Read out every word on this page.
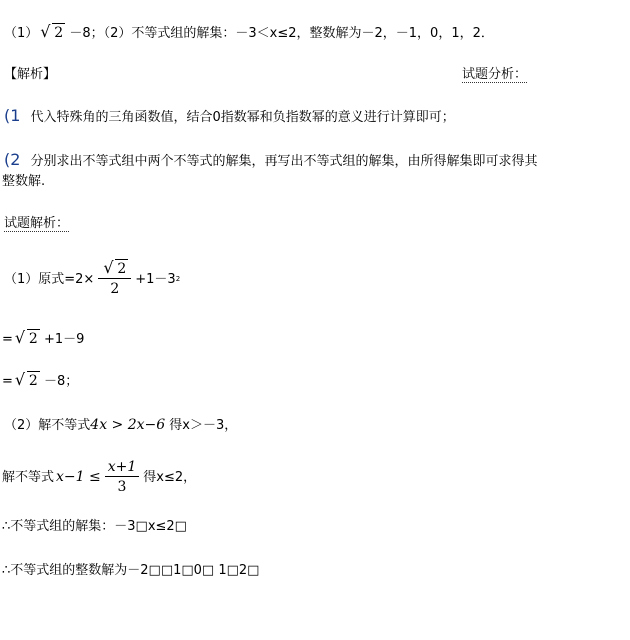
（1） √ 2 －8；（2）不等式组的解集：－3＜x≤2，整数解为－2，－1，0，1，2．
【解析】	试题分析：
(1 代入特殊角的三角函数值，结合0指数幂和负指数幂的意义进行计算即可；
(2 分别求出不等式组中两个不等式的解集，再写出不等式组的解集，由所得解集即可求得其
整数解.
试题解析：
（1）原式$=2\times \frac{√ 2}{2} +1-3$ 2
= √ 2 +1－9
= √ 2 －8；
（2）解不等式4x > 2x−6 得x＞－3，
解不等式 $x-1 \le \frac{x+1}{3}$ 得x≤2，
∴不等式组的解集：－3□x≤2□
∴不等式组的整数解为－2□□1□0□ 1□2□
